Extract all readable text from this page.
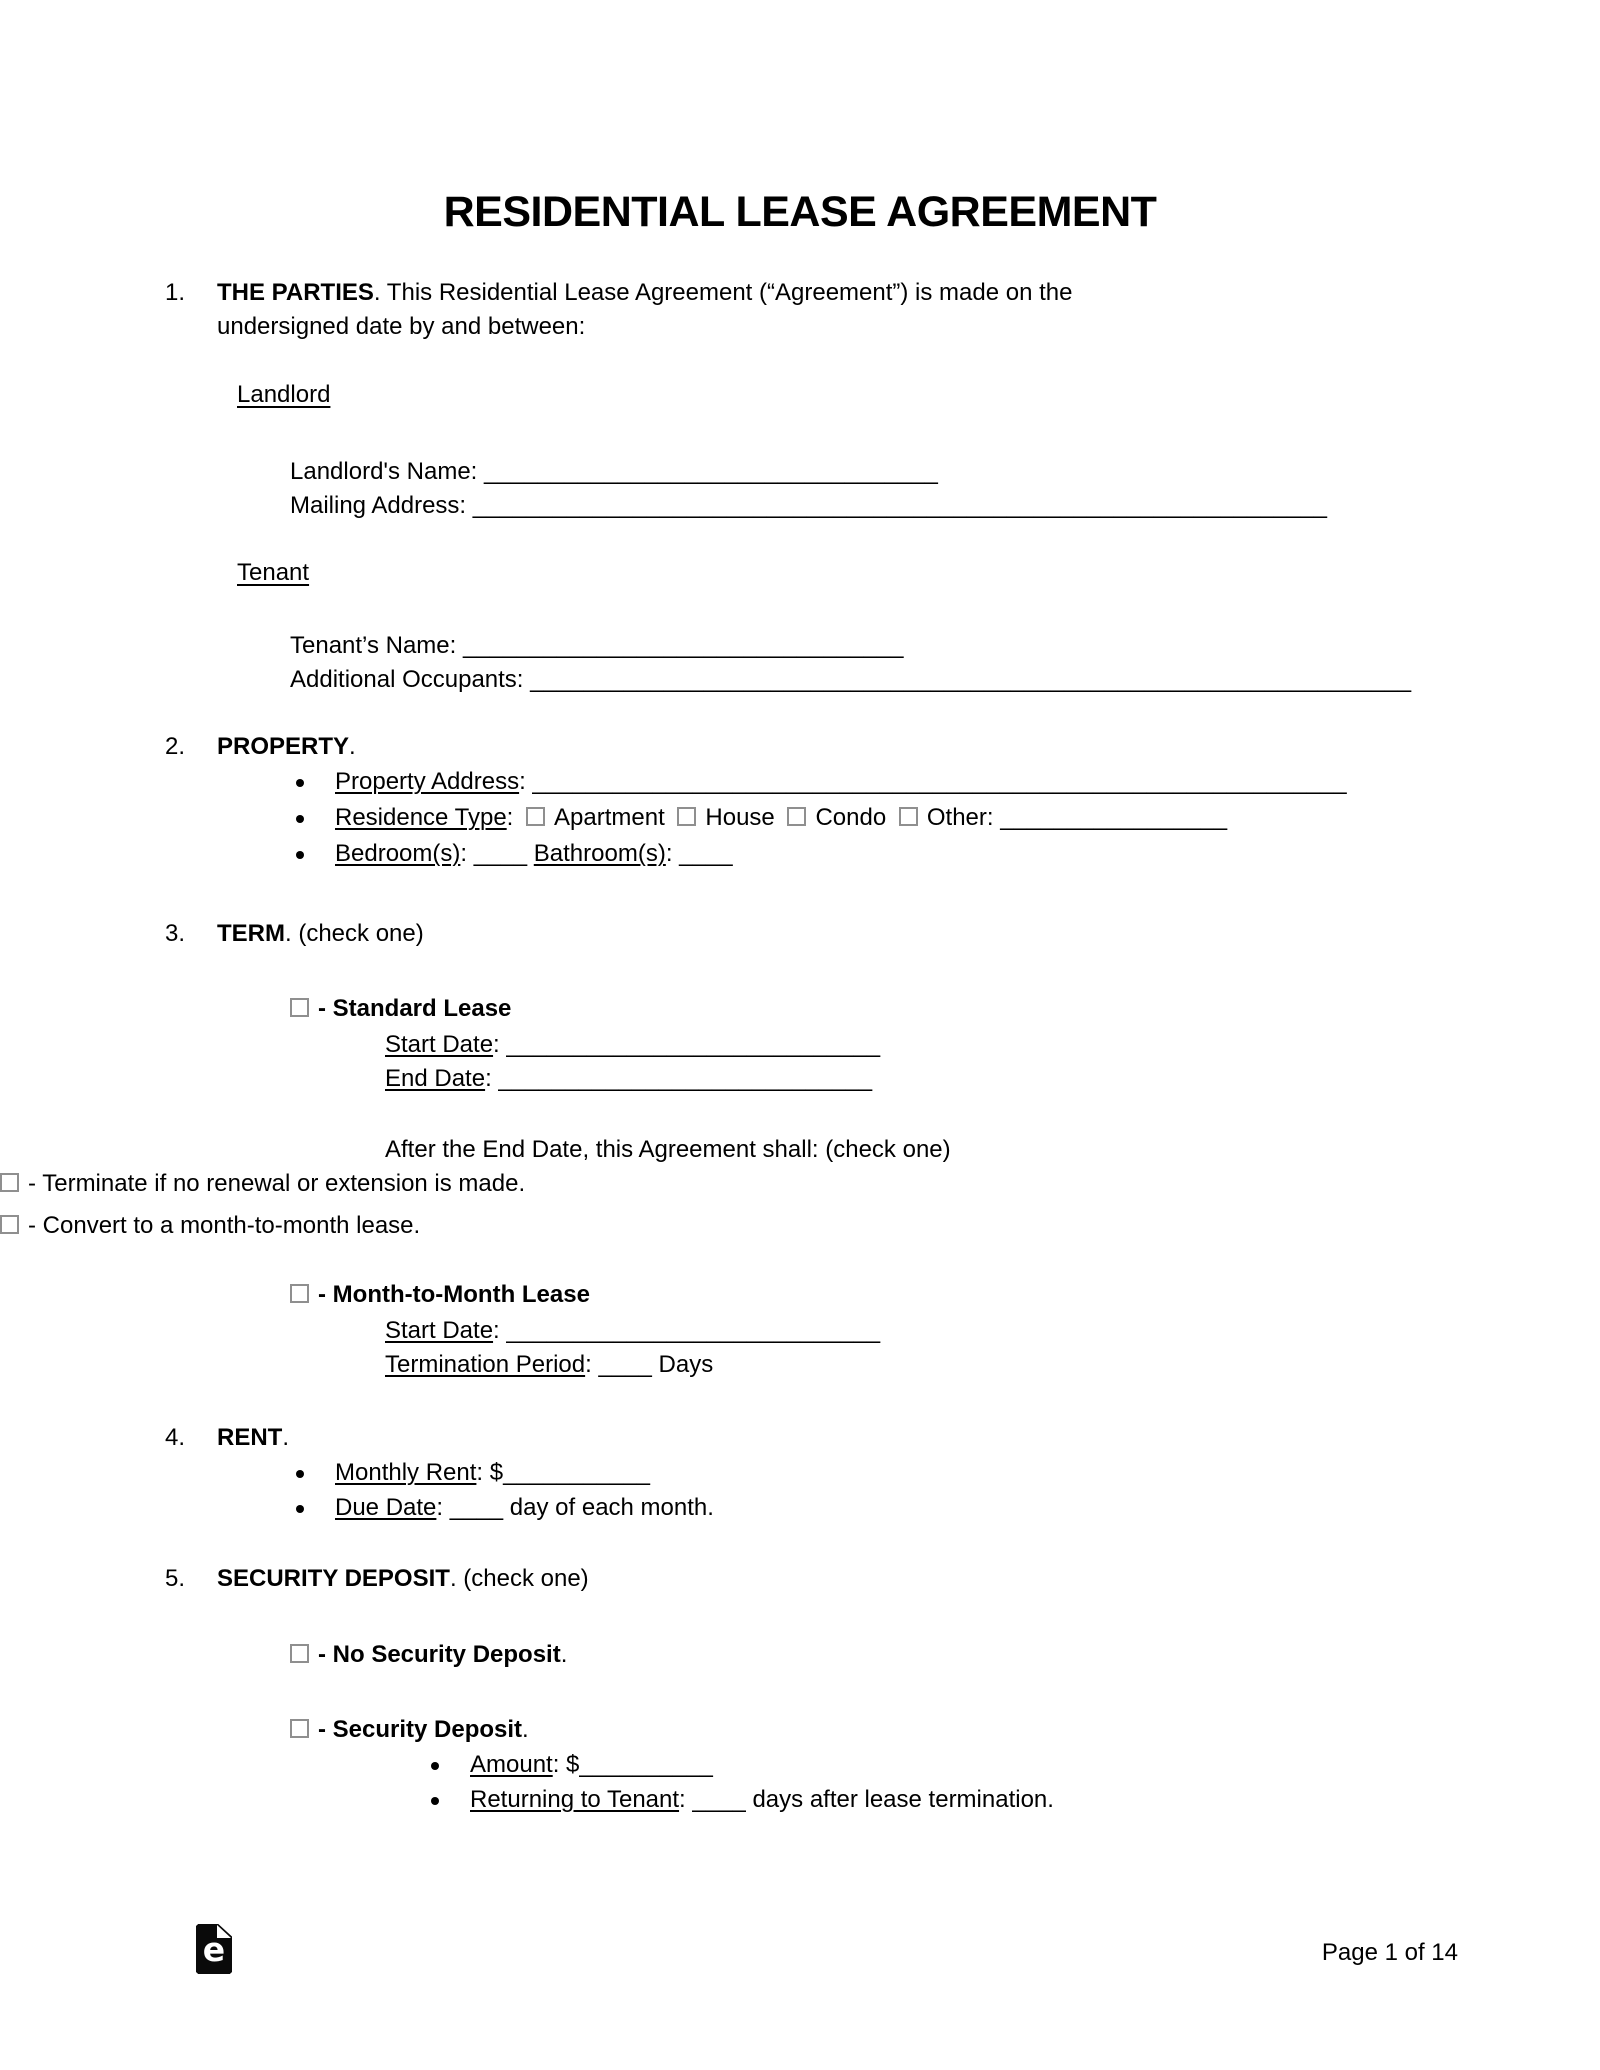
RESIDENTIAL LEASE AGREEMENT
1. THE PARTIES. This Residential Lease Agreement (“Agreement”) is made on the
undersigned date by and between:
Landlord
Landlord's Name: __________________________________
Mailing Address: ________________________________________________________________
Tenant
Tenant’s Name: _________________________________
Additional Occupants: __________________________________________________________________
2. PROPERTY.
Property Address: _____________________________________________________________
Residence Type: Apartment House Condo Other: _________________
Bedroom(s): ____ Bathroom(s): ____
3. TERM. (check one)
- Standard Lease
Start Date: ____________________________
End Date: ____________________________
After the End Date, this Agreement shall: (check one)
- Terminate if no renewal or extension is made.
- Convert to a month-to-month lease.
- Month-to-Month Lease
Start Date: ____________________________
Termination Period: ____ Days
4. RENT.
Monthly Rent: $___________
Due Date: ____ day of each month.
5. SECURITY DEPOSIT. (check one)
- No Security Deposit.
- Security Deposit.
Amount: $__________
Returning to Tenant: ____ days after lease termination.
e	Page 1 of 14
